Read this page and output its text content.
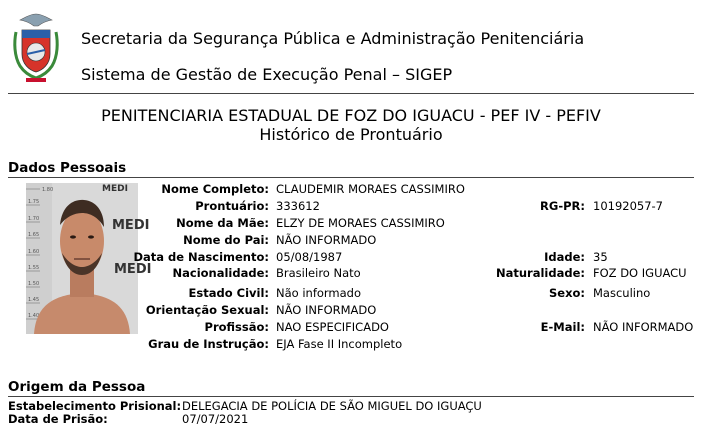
Secretaria da Segurança Pública e Administração Penitenciária
Sistema de Gestão de Execução Penal – SIGEP
PENITENCIARIA ESTADUAL DE FOZ DO IGUACU - PEF IV - PEFIV
Histórico de Prontuário
Dados Pessoais
1.80
1.75
1.70
1.65
1.60
1.55
1.50
1.45
1.40
MEDI
MEDI
MEDI
Nome Completo: CLAUDEMIR MORAES CASSIMIRO
Prontuário: 333612
Nome da Mãe: ELZY DE MORAES CASSIMIRO
Nome do Pai: NÃO INFORMADO
Data de Nascimento: 05/08/1987
Nacionalidade: Brasileiro Nato
Estado Civil: Não informado
Orientação Sexual: NÃO INFORMADO
Profissão: NAO ESPECIFICADO
Grau de Instrução: EJA Fase II Incompleto
RG-PR: 10192057-7
Idade: 35
Naturalidade: FOZ DO IGUACU
Sexo: Masculino
E-Mail: NÃO INFORMADO
Origem da Pessoa
Estabelecimento Prisional: DELEGACIA DE POLÍCIA DE SÃO MIGUEL DO IGUAÇU
Data de Prisão:	07/07/2021
